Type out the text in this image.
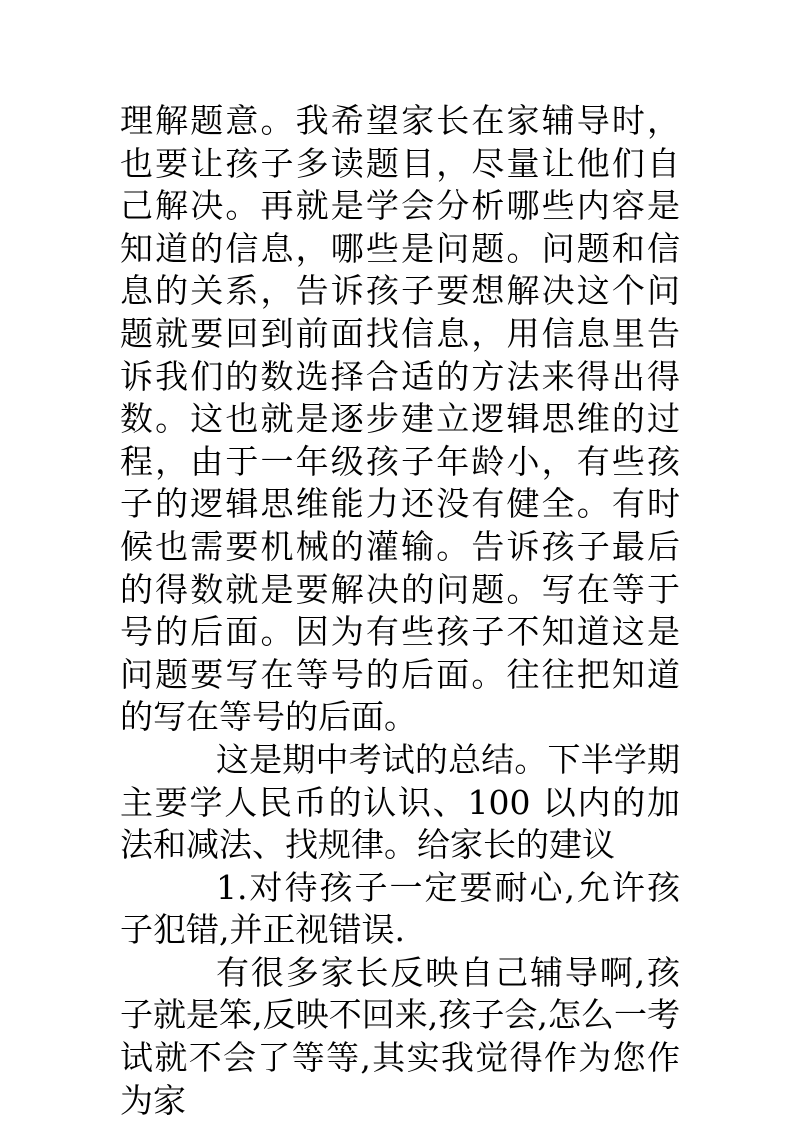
理解题意。我希望家长在家辅导时，也要让孩子多读题目，尽量让他们自己解决。再就是学会分析哪些内容是知道的信息，哪些是问题。问题和信息的关系，告诉孩子要想解决这个问题就要回到前面找信息，用信息里告诉我们的数选择合适的方法来得出得数。这也就是逐步建立逻辑思维的过程，由于一年级孩子年龄小，有些孩子的逻辑思维能力还没有健全。有时候也需要机械的灌输。告诉孩子最后的得数就是要解决的问题。写在等于号的后面。因为有些孩子不知道这是问题要写在等号的后面。往往把知道的写在等号的后面。

这是期中考试的总结。下半学期主要学人民币的认识、100 以内的加法和减法、找规律。给家长的建议

1.对待孩子一定要耐心,允许孩子犯错,并正视错误.

有很多家长反映自己辅导啊,孩子就是笨,反映不回来,孩子会,怎么一考试就不会了等等,其实我觉得作为您作为家
